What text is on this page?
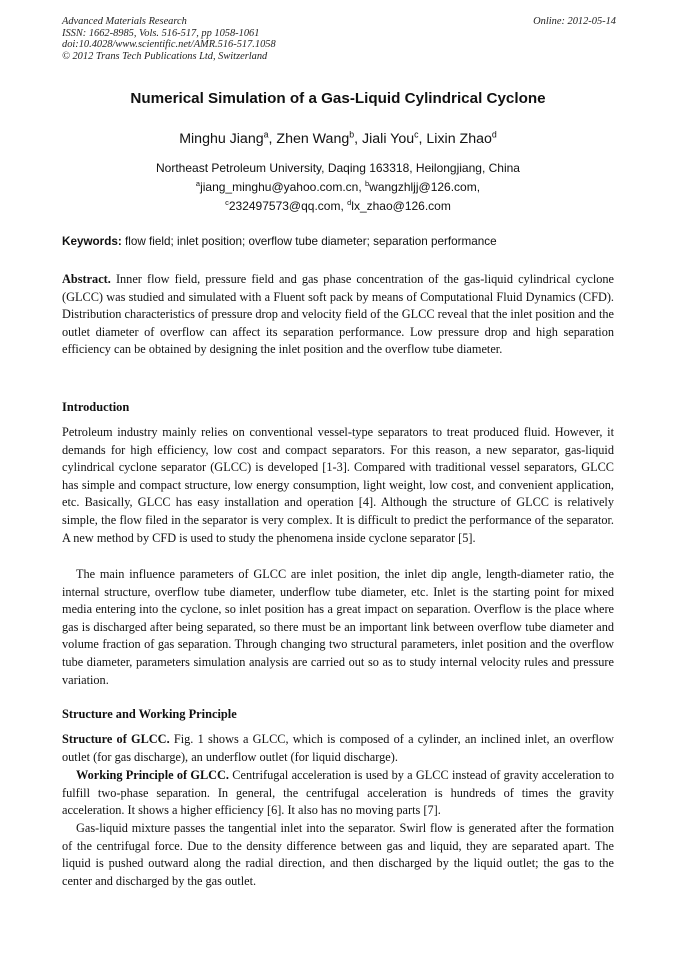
Advanced Materials Research
ISSN: 1662-8985, Vols. 516-517, pp 1058-1061
doi:10.4028/www.scientific.net/AMR.516-517.1058
© 2012 Trans Tech Publications Ltd, Switzerland
Online: 2012-05-14
Numerical Simulation of a Gas-Liquid Cylindrical Cyclone
Minghu Jiang$^a$, Zhen Wang$^b$, Jiali You$^c$, Lixin Zhao$^d$
Northeast Petroleum University, Daqing 163318, Heilongjiang, China
$^a$jiang_minghu@yahoo.com.cn, $^b$wangzhljj@126.com,
$^c$232497573@qq.com, $^d$lx_zhao@126.com
Keywords: flow field; inlet position; overflow tube diameter; separation performance
Abstract. Inner flow field, pressure field and gas phase concentration of the gas-liquid cylindrical cyclone (GLCC) was studied and simulated with a Fluent soft pack by means of Computational Fluid Dynamics (CFD). Distribution characteristics of pressure drop and velocity field of the GLCC reveal that the inlet position and the outlet diameter of overflow can affect its separation performance. Low pressure drop and high separation efficiency can be obtained by designing the inlet position and the overflow tube diameter.
Introduction
Petroleum industry mainly relies on conventional vessel-type separators to treat produced fluid. However, it demands for high efficiency, low cost and compact separators. For this reason, a new separator, gas-liquid cylindrical cyclone separator (GLCC) is developed [1-3]. Compared with traditional vessel separators, GLCC has simple and compact structure, low energy consumption, light weight, low cost, and convenient application, etc. Basically, GLCC has easy installation and operation [4]. Although the structure of GLCC is relatively simple, the flow filed in the separator is very complex. It is difficult to predict the performance of the separator. A new method by CFD is used to study the phenomena inside cyclone separator [5].
The main influence parameters of GLCC are inlet position, the inlet dip angle, length-diameter ratio, the internal structure, overflow tube diameter, underflow tube diameter, etc. Inlet is the starting point for mixed media entering into the cyclone, so inlet position has a great impact on separation. Overflow is the place where gas is discharged after being separated, so there must be an important link between overflow tube diameter and volume fraction of gas separation. Through changing two structural parameters, inlet position and the overflow tube diameter, parameters simulation analysis are carried out so as to study internal velocity rules and pressure variation.
Structure and Working Principle
Structure of GLCC. Fig. 1 shows a GLCC, which is composed of a cylinder, an inclined inlet, an overflow outlet (for gas discharge), an underflow outlet (for liquid discharge).
Working Principle of GLCC. Centrifugal acceleration is used by a GLCC instead of gravity acceleration to fulfill two-phase separation. In general, the centrifugal acceleration is hundreds of times the gravity acceleration. It shows a higher efficiency [6]. It also has no moving parts [7].
Gas-liquid mixture passes the tangential inlet into the separator. Swirl flow is generated after the formation of the centrifugal force. Due to the density difference between gas and liquid, they are separated apart. The liquid is pushed outward along the radial direction, and then discharged by the liquid outlet; the gas to the center and discharged by the gas outlet.
